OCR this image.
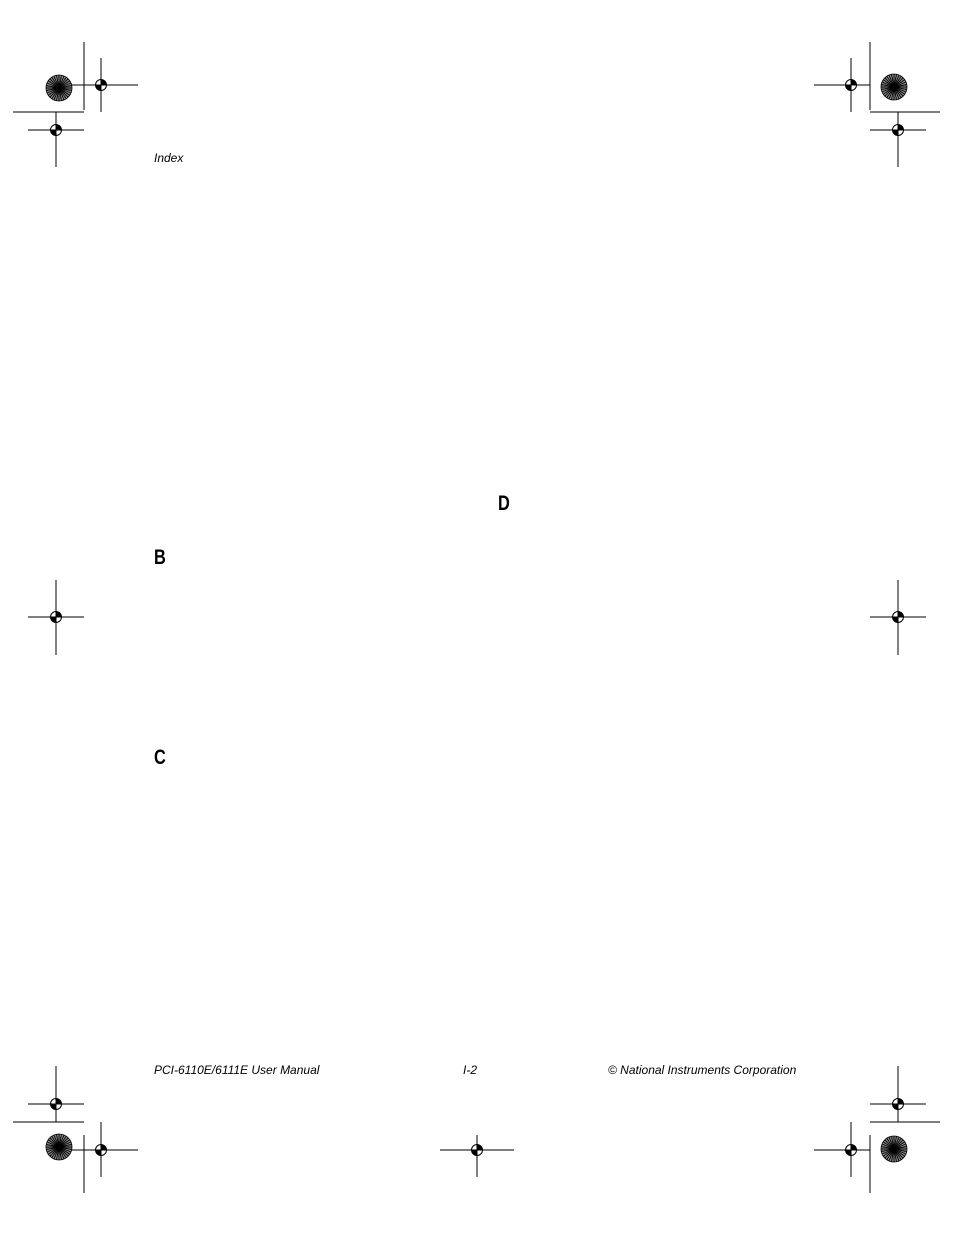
Index
D
B
C
PCI-6110E/6111E User Manual	I-2	© National Instruments Corporation
